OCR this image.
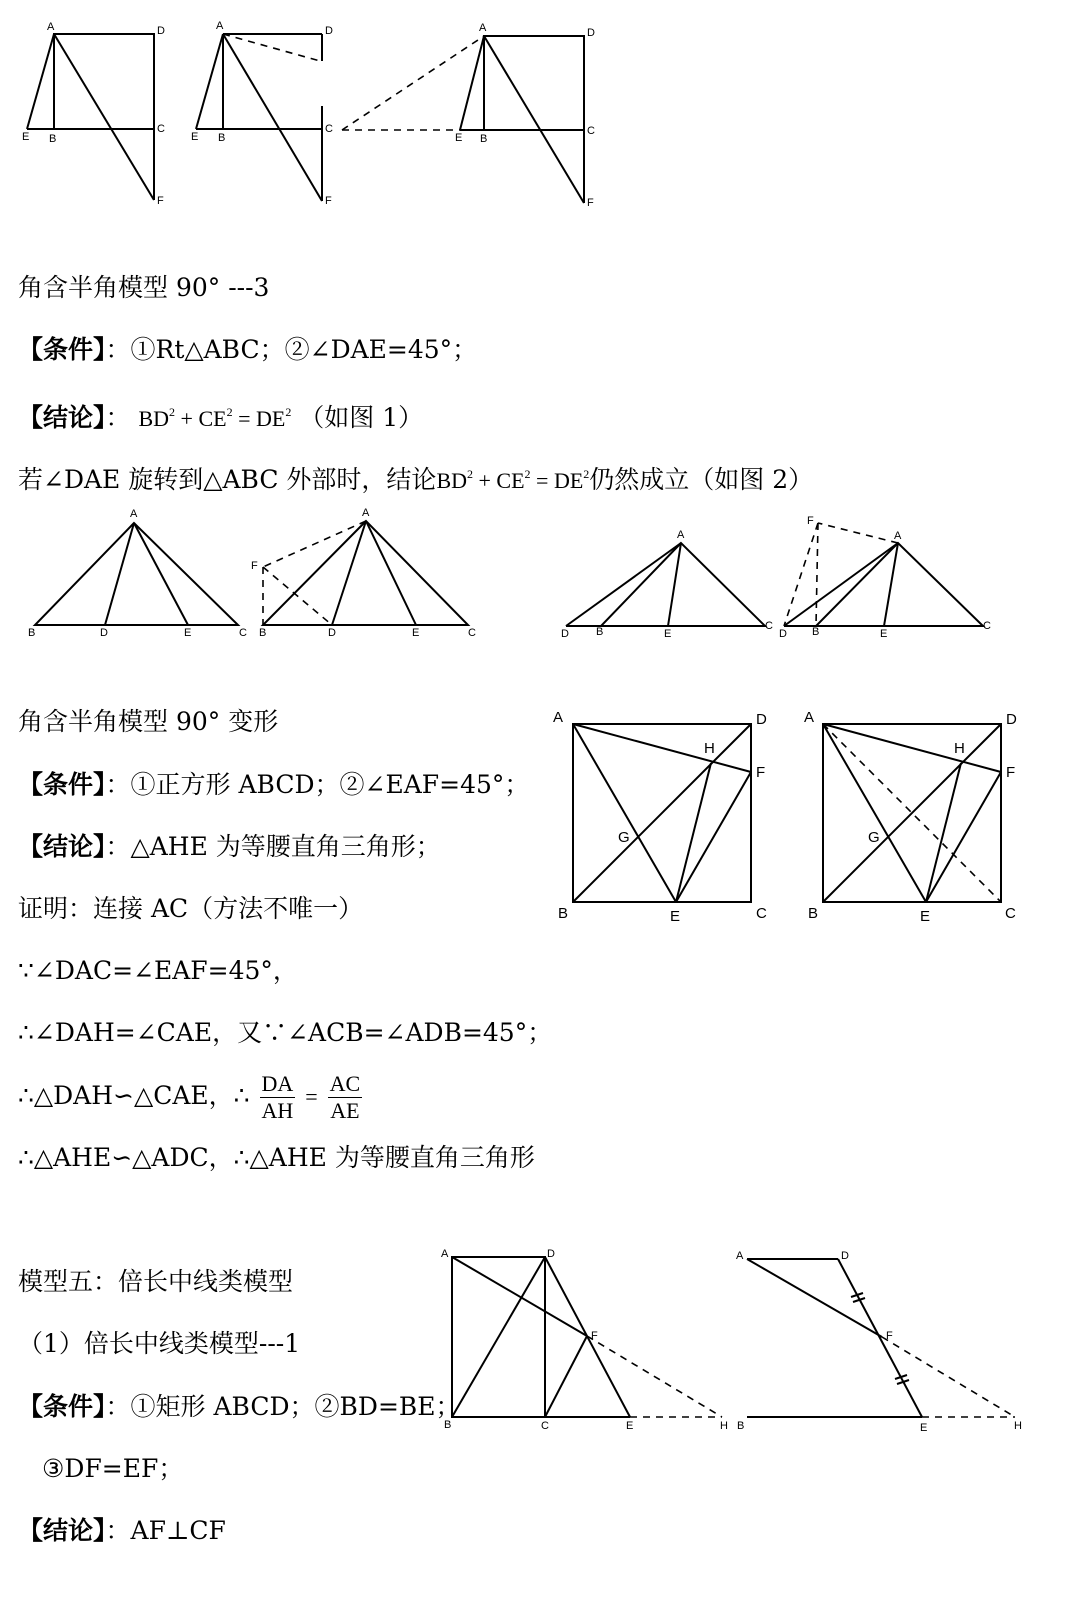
A	D
E B
C
F
A	D
E B
C
F
A	D
E B
C
F
角含半角模型 90° ---3
【条件】：①Rt△ABC；②∠DAE=45°；
【结论】： $BD^2 + CE^2 = DE^2$ （如图 1）
若∠DAE 旋转到△ABC 外部时，结论$BD^2 + CE^2 = DE^2$仍然成立（如图 2）
A
B	D	E	C
A
F
B	D	E	C
A
D B	E
C
A
F
D B	E
C
角含半角模型 90° 变形
【条件】：①正方形 ABCD；②∠EAF=45°；
【结论】：△AHE 为等腰直角三角形；
证明：连接 AC（方法不唯一）
∵∠DAC=∠EAF=45°，
∴∠DAH=∠CAE，又∵∠ACB=∠ADB=45°；
∴△DAH∽△CAE，∴ $\frac{DA}{AH} = \frac{AC}{AE}$
∴△AHE∽△ADC，∴△AHE 为等腰直角三角形
A	D
F
H
G
B	E	C
A	D
F
H
G
B	E	C
模型五：倍长中线类模型
（1）倍长中线类模型---1
【条件】：①矩形 ABCD；②BD=BE；
③DF=EF；
【结论】：AF⊥CF
A	D
F
B	C	E	H
A	D
F
B	E	H
